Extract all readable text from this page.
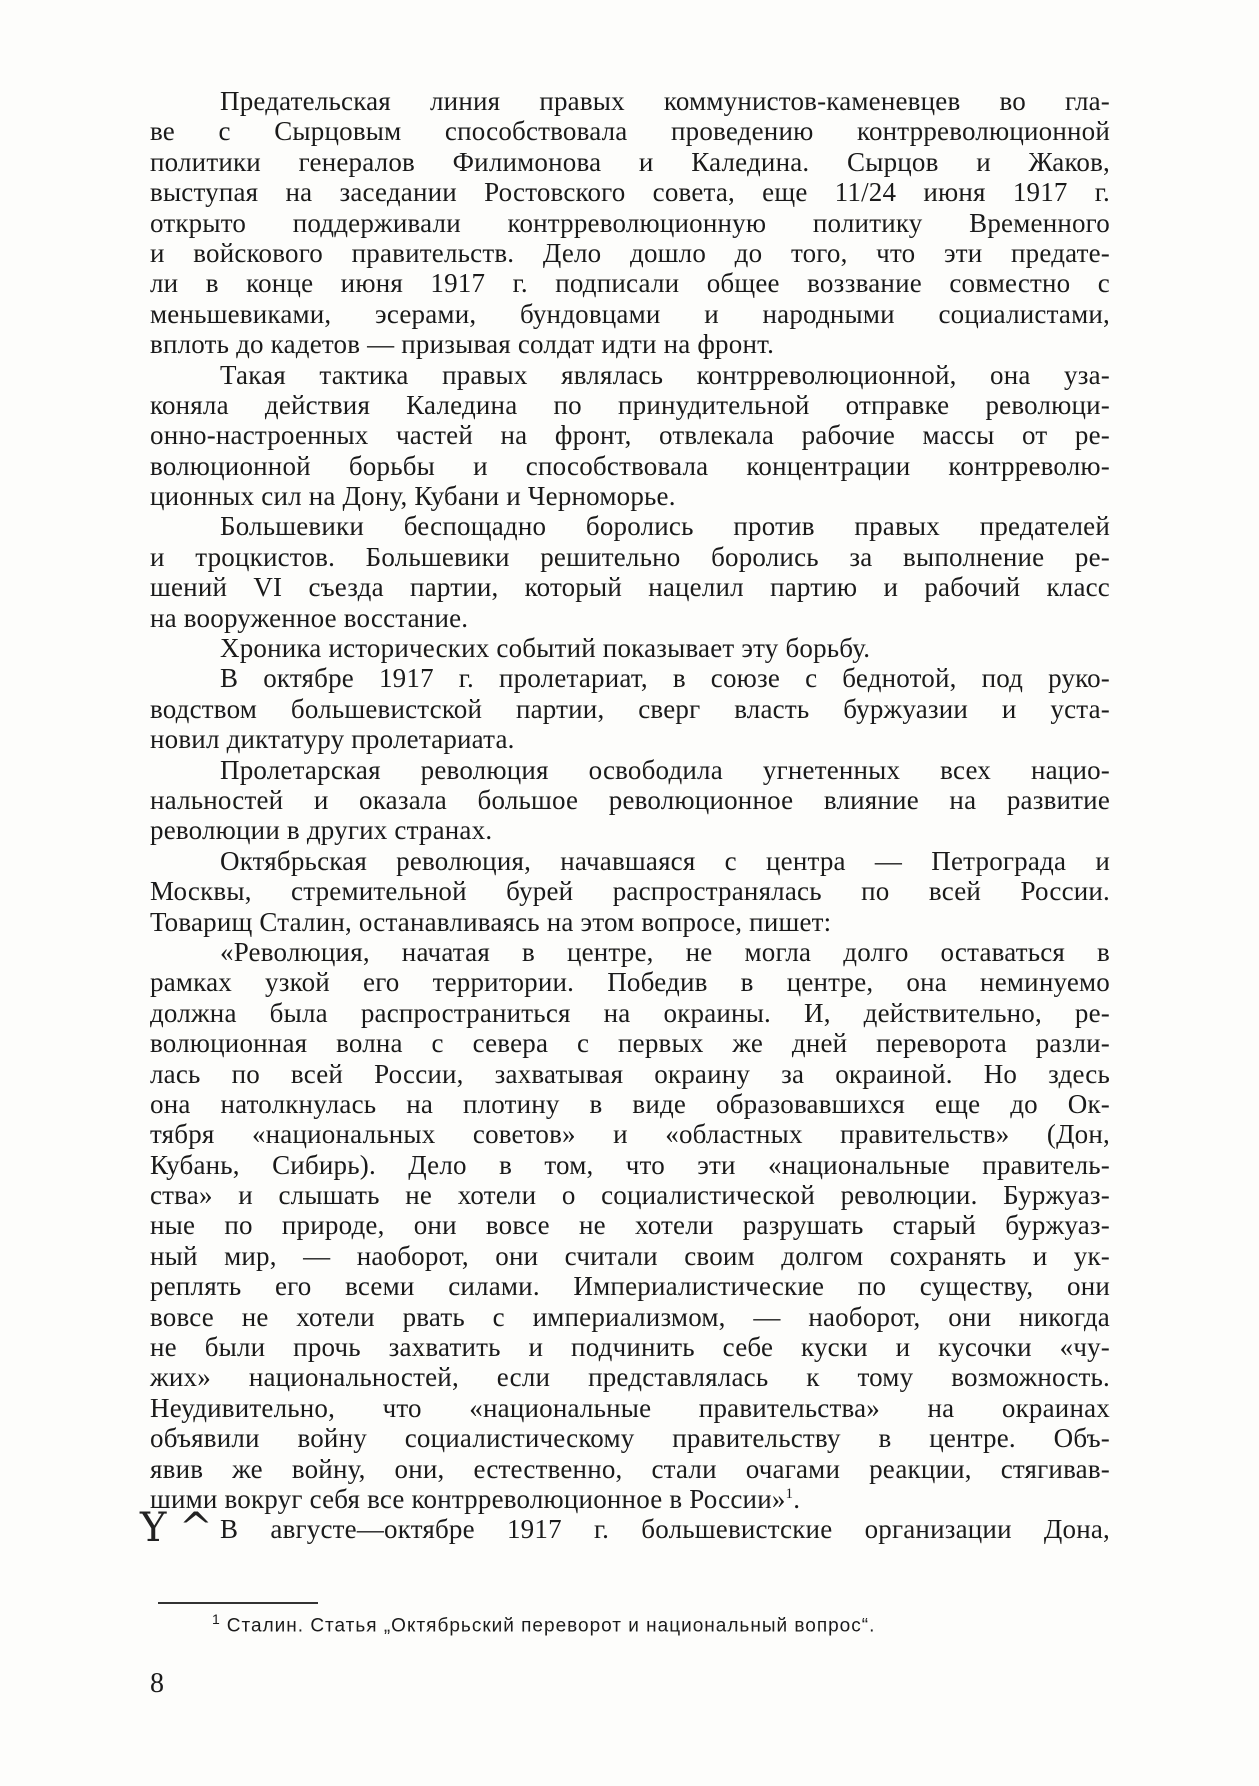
Предательская линия правых коммунистов-каменевцев во гла-
ве с Сырцовым способствовала проведению контрреволюционной
политики генералов Филимонова и Каледина. Сырцов и Жаков,
выступая на заседании Ростовского совета, еще 11/24 июня 1917 г.
открыто поддерживали контрреволюционную политику Временного
и войскового правительств. Дело дошло до того, что эти предате-
ли в конце июня 1917 г. подписали общее воззвание совместно с
меньшевиками, эсерами, бундовцами и народными социалистами,
вплоть до кадетов — призывая солдат идти на фронт.
Такая тактика правых являлась контрреволюционной, она уза-
коняла действия Каледина по принудительной отправке революци-
онно-настроенных частей на фронт, отвлекала рабочие массы от ре-
волюционной борьбы и способствовала концентрации контрреволю-
ционных сил на Дону, Кубани и Черноморье.
Большевики беспощадно боролись против правых предателей
и троцкистов. Большевики решительно боролись за выполнение ре-
шений VI съезда партии, который нацелил партию и рабочий класс
на вооруженное восстание.
Хроника исторических событий показывает эту борьбу.
В октябре 1917 г. пролетариат, в союзе с беднотой, под руко-
водством большевистской партии, сверг власть буржуазии и уста-
новил диктатуру пролетариата.
Пролетарская революция освободила угнетенных всех нацио-
нальностей и оказала большое революционное влияние на развитие
революции в других странах.
Октябрьская революция, начавшаяся с центра — Петрограда и
Москвы, стремительной бурей распространялась по всей России.
Товарищ Сталин, останавливаясь на этом вопросе, пишет:
«Революция, начатая в центре, не могла долго оставаться в
рамках узкой его территории. Победив в центре, она неминуемо
должна была распространиться на окраины. И, действительно, ре-
волюционная волна с севера с первых же дней переворота разли-
лась по всей России, захватывая окраину за окраиной. Но здесь
она натолкнулась на плотину в виде образовавшихся еще до Ок-
тября «национальных советов» и «областных правительств» (Дон,
Кубань, Сибирь). Дело в том, что эти «национальные правитель-
ства» и слышать не хотели о социалистической революции. Буржуаз-
ные по природе, они вовсе не хотели разрушать старый буржуаз-
ный мир, — наоборот, они считали своим долгом сохранять и ук-
реплять его всеми силами. Империалистические по существу, они
вовсе не хотели рвать с империализмом, — наоборот, они никогда
не были прочь захватить и подчинить себе куски и кусочки «чу-
жих» национальностей, если представлялась к тому возможность.
Неудивительно, что «национальные правительства» на окраинах
объявили войну социалистическому правительству в центре. Объ-
явив же войну, они, естественно, стали очагами реакции, стягивав-
шими вокруг себя все контрреволюционное в России»$^1$.
В августе—октябре 1917 г. большевистские организации Дона,
Y ^
$^1$ Сталин. Статья „Октябрьский переворот и национальный вопрос“.
8
